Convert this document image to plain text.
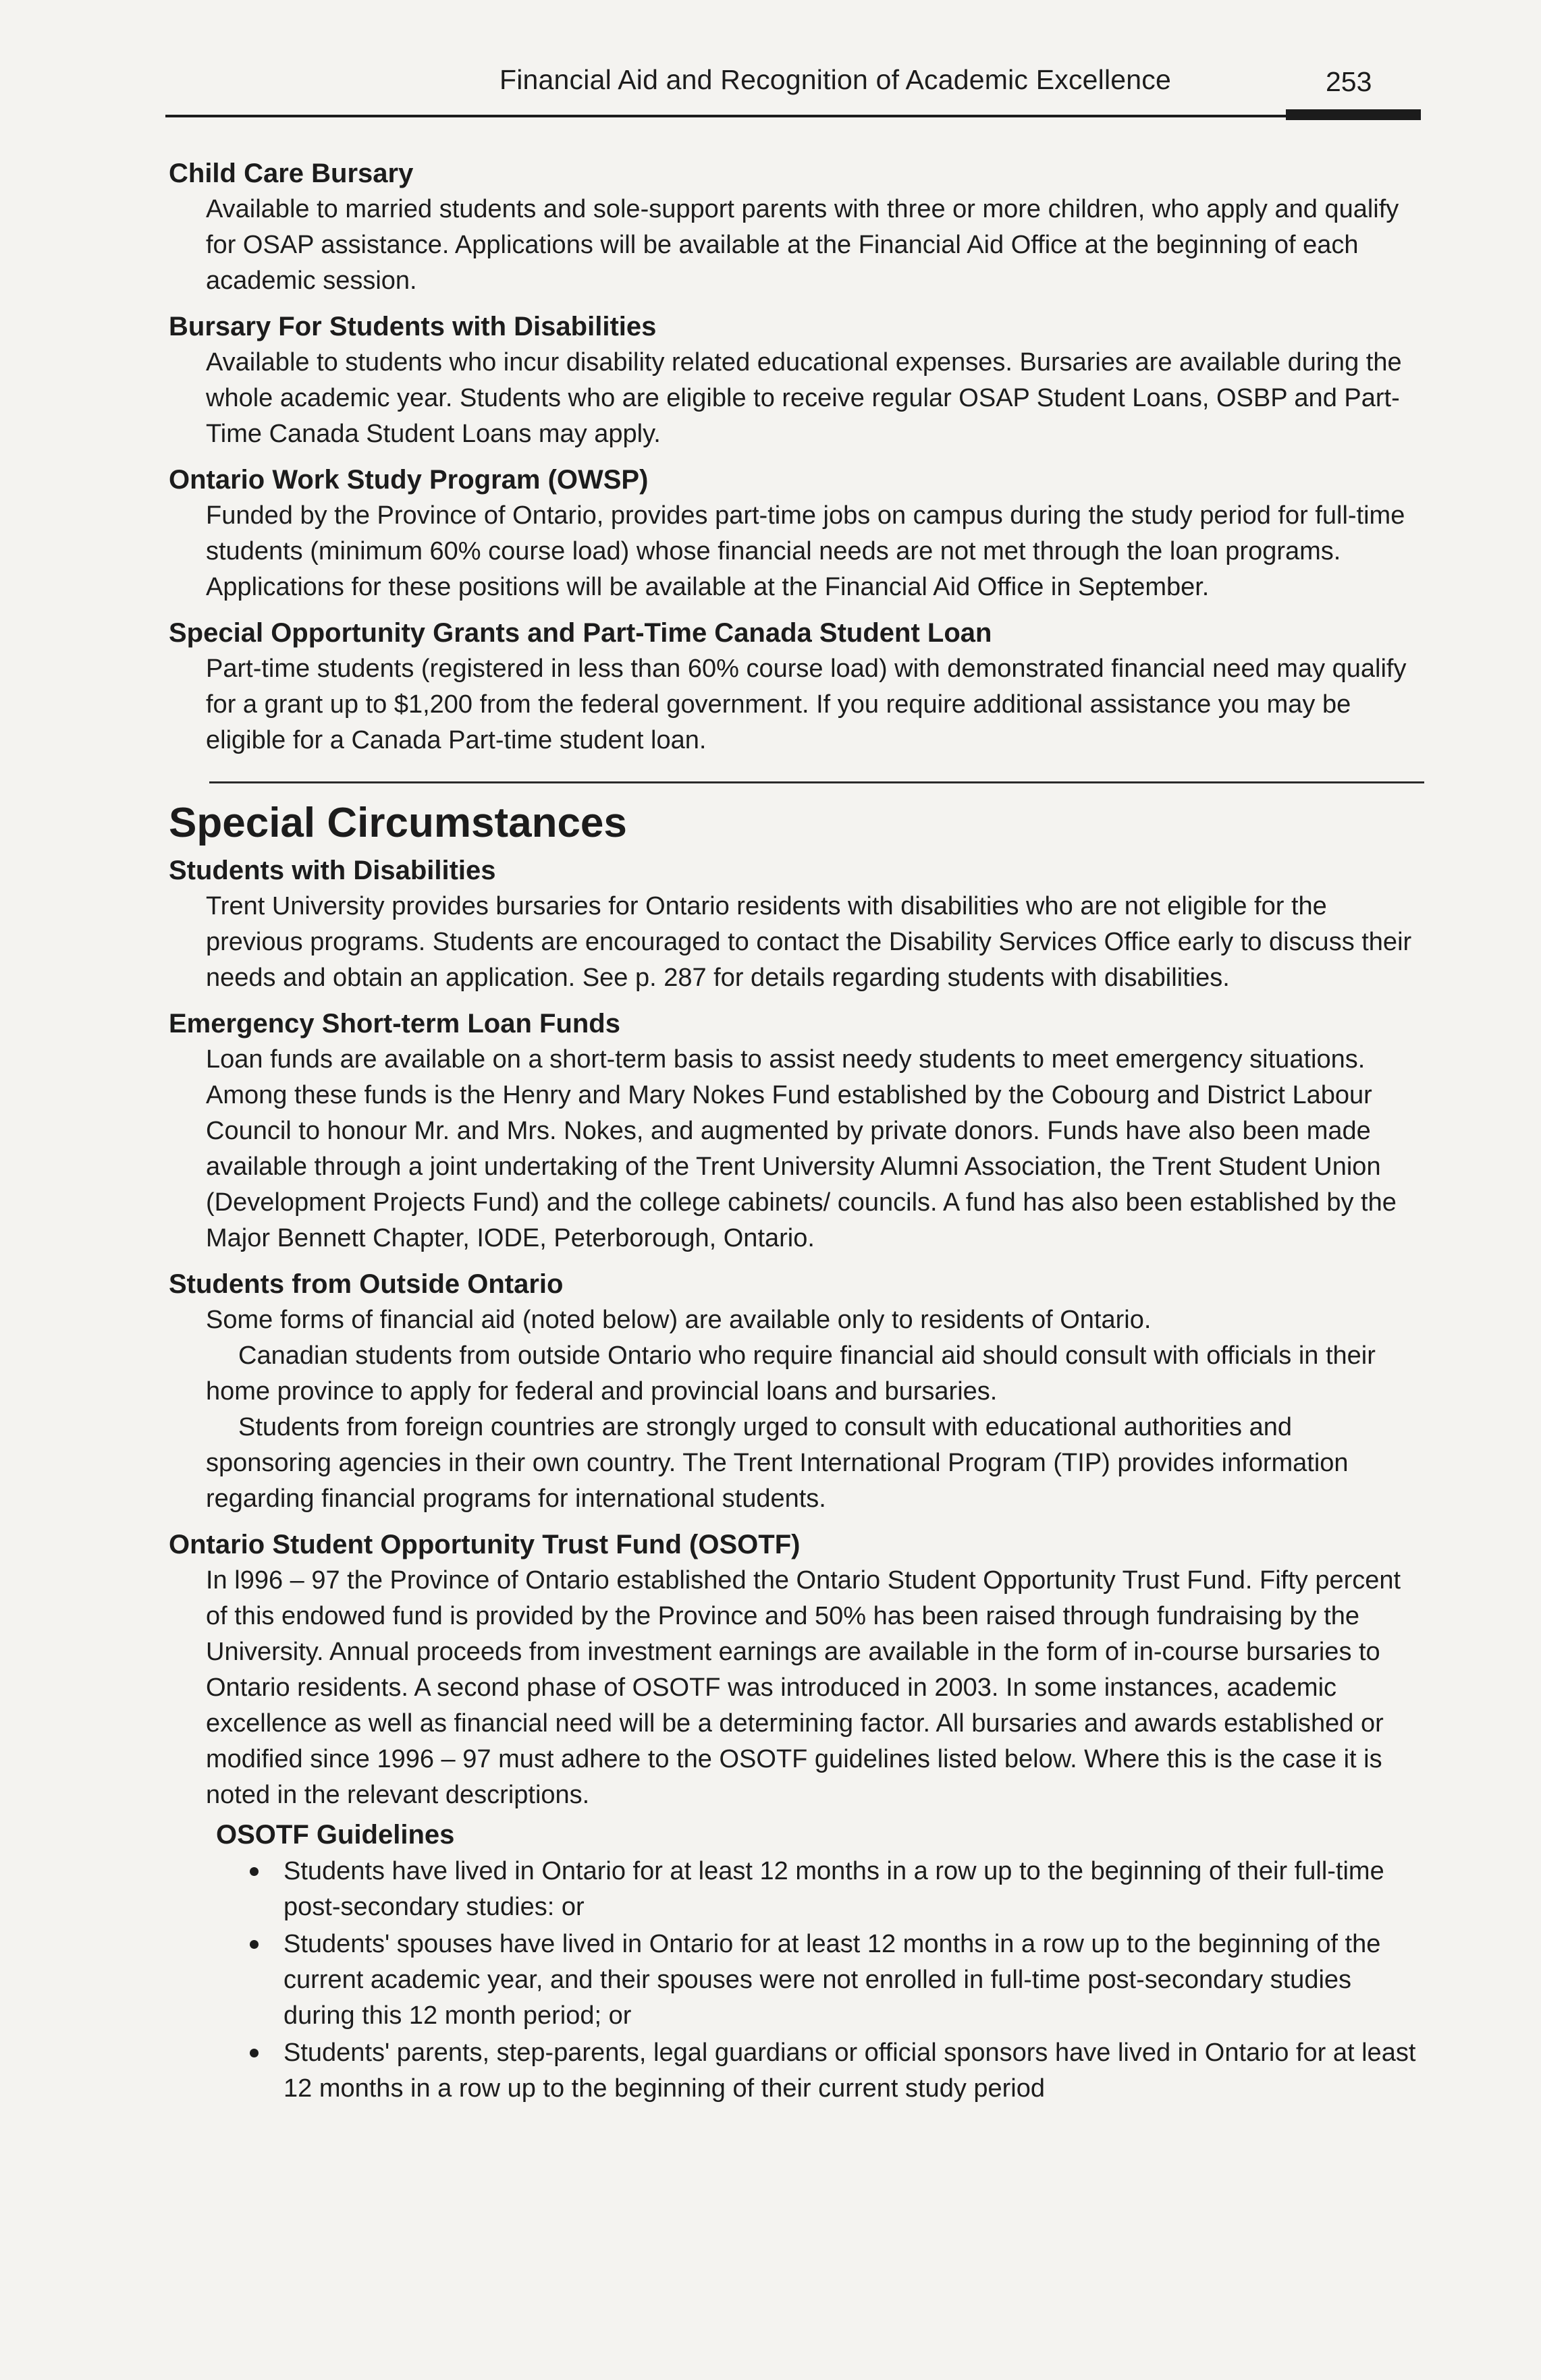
Financial Aid and Recognition of Academic Excellence	253

Child Care Bursary

Available to married students and sole-support parents with three or more children, who apply and qualify for OSAP assistance. Applications will be available at the Financial Aid Office at the beginning of each academic session.

Bursary For Students with Disabilities

Available to students who incur disability related educational expenses. Bursaries are available during the whole academic year. Students who are eligible to receive regular OSAP Student Loans, OSBP and Part-Time Canada Student Loans may apply.

Ontario Work Study Program (OWSP)

Funded by the Province of Ontario, provides part-time jobs on campus during the study period for full-time students (minimum 60% course load) whose financial needs are not met through the loan programs. Applications for these positions will be available at the Financial Aid Office in September.

Special Opportunity Grants and Part-Time Canada Student Loan

Part-time students (registered in less than 60% course load) with demonstrated financial need may qualify for a grant up to $1,200 from the federal government. If you require additional assistance you may be eligible for a Canada Part-time student loan.

Special Circumstances

Students with Disabilities

Trent University provides bursaries for Ontario residents with disabilities who are not eligible for the previous programs. Students are encouraged to contact the Disability Services Office early to discuss their needs and obtain an application. See p. 287 for details regarding students with disabilities.

Emergency Short-term Loan Funds

Loan funds are available on a short-term basis to assist needy students to meet emergency situations. Among these funds is the Henry and Mary Nokes Fund established by the Cobourg and District Labour Council to honour Mr. and Mrs. Nokes, and augmented by private donors. Funds have also been made available through a joint undertaking of the Trent University Alumni Association, the Trent Student Union (Development Projects Fund) and the college cabinets/ councils. A fund has also been established by the Major Bennett Chapter, IODE, Peterborough, Ontario.

Students from Outside Ontario

Some forms of financial aid (noted below) are available only to residents of Ontario.

Canadian students from outside Ontario who require financial aid should consult with officials in their home province to apply for federal and provincial loans and bursaries.

Students from foreign countries are strongly urged to consult with educational authorities and sponsoring agencies in their own country. The Trent International Program (TIP) provides information regarding financial programs for international students.

Ontario Student Opportunity Trust Fund (OSOTF)

In l996 – 97 the Province of Ontario established the Ontario Student Opportunity Trust Fund. Fifty percent of this endowed fund is provided by the Province and 50% has been raised through fundraising by the University. Annual proceeds from investment earnings are available in the form of in-course bursaries to Ontario residents. A second phase of OSOTF was introduced in 2003. In some instances, academic excellence as well as financial need will be a determining factor. All bursaries and awards established or modified since 1996 – 97 must adhere to the OSOTF guidelines listed below. Where this is the case it is noted in the relevant descriptions.

OSOTF Guidelines

Students have lived in Ontario for at least 12 months in a row up to the beginning of their full-time post-secondary studies: or
Students' spouses have lived in Ontario for at least 12 months in a row up to the beginning of the current academic year, and their spouses were not enrolled in full-time post-secondary studies during this 12 month period; or
Students' parents, step-parents, legal guardians or official sponsors have lived in Ontario for at least 12 months in a row up to the beginning of their current study period
